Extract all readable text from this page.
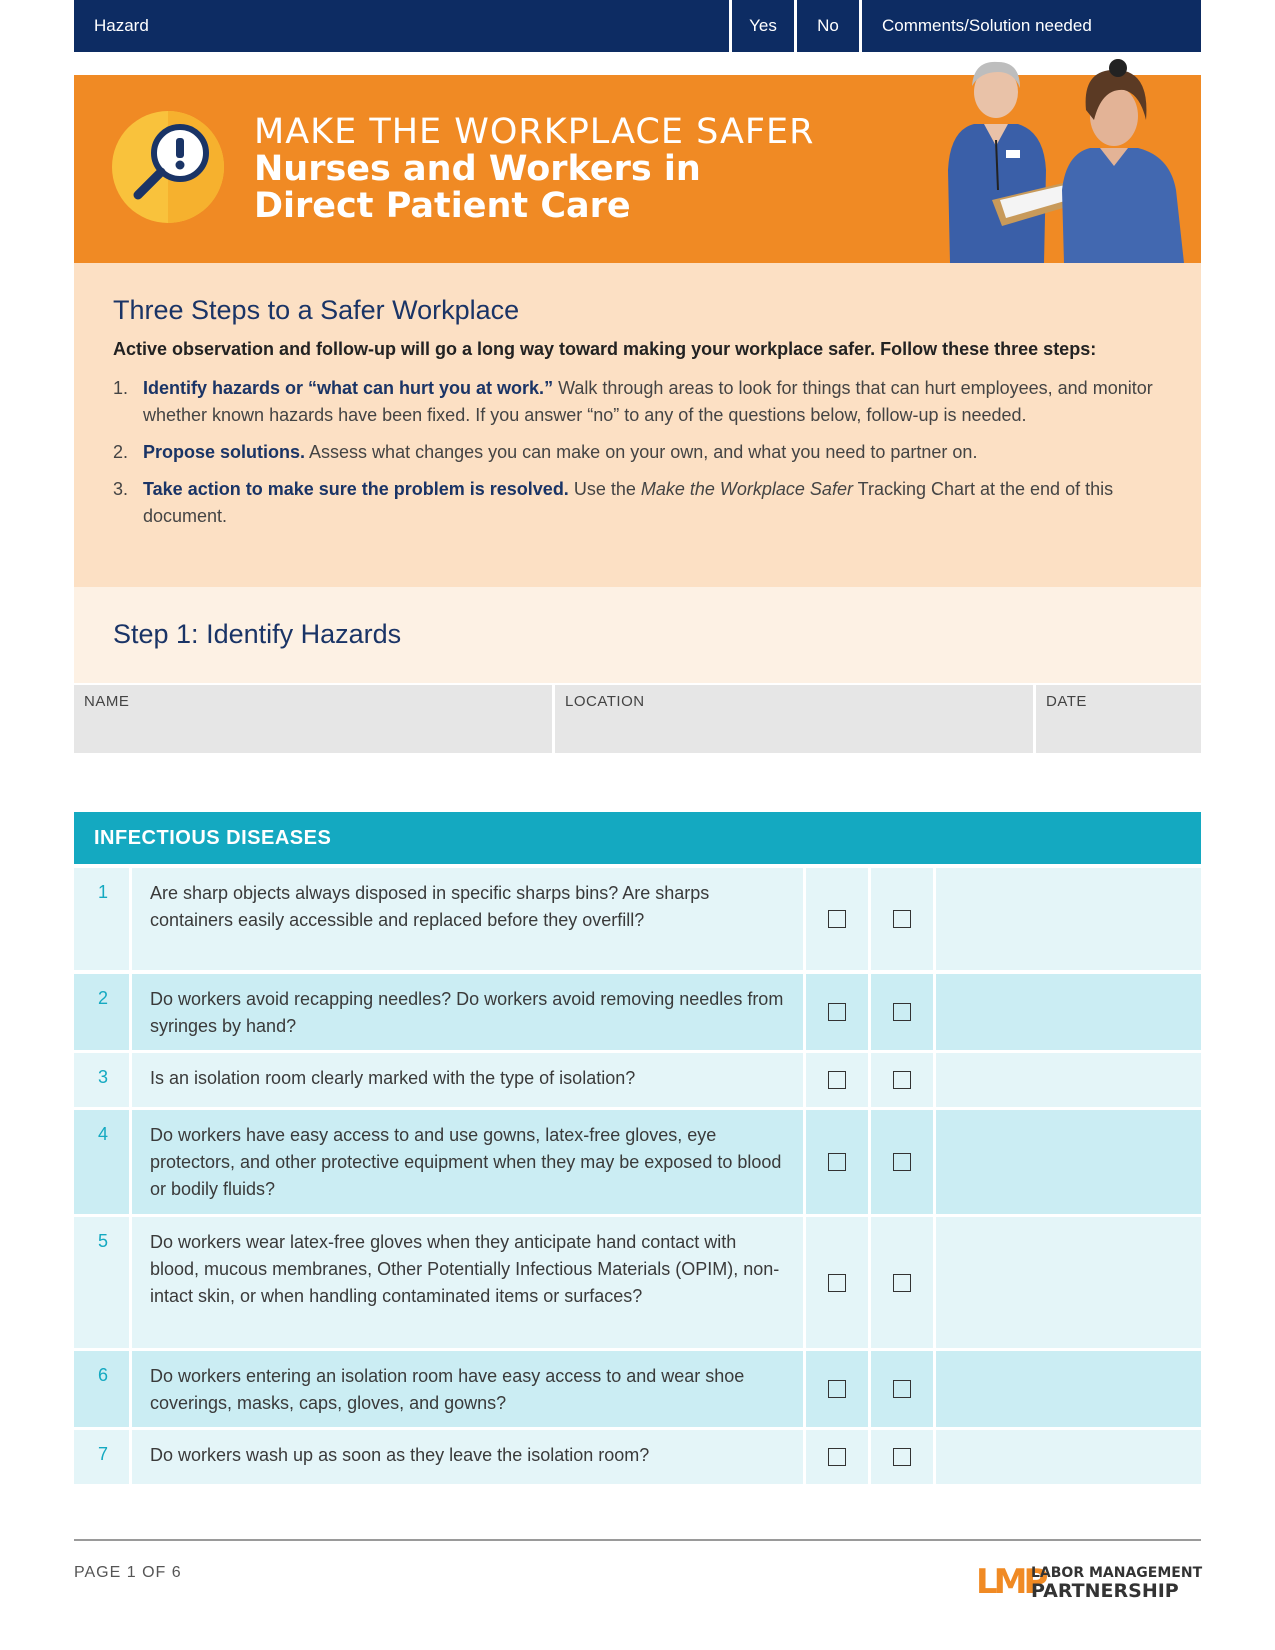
MAKE THE WORKPLACE SAFER
Nurses and Workers in
Direct Patient Care
Three Steps to a Safer Workplace
Active observation and follow-up will go a long way toward making your workplace safer. Follow these three steps:
1. Identify hazards or “what can hurt you at work.” Walk through areas to look for things that can hurt employees, and monitor whether known hazards have been fixed. If you answer “no” to any of the questions below, follow-up is needed.
2. Propose solutions. Assess what changes you can make on your own, and what you need to partner on.
3. Take action to make sure the problem is resolved. Use the Make the Workplace Safer Tracking Chart at the end of this document.
Step 1: Identify Hazards
NAME	LOCATION	DATE
Hazard	Yes	No	Comments/Solution needed
INFECTIOUS DISEASES
1	Are sharp objects always disposed in specific sharps bins? Are sharps containers easily accessible and replaced before they overfill?
2	Do workers avoid recapping needles? Do workers avoid removing needles from syringes by hand?
3	Is an isolation room clearly marked with the type of isolation?
4	Do workers have easy access to and use gowns, latex-free gloves, eye protectors, and other protective equipment when they may be exposed to blood or bodily fluids?
5	Do workers wear latex-free gloves when they anticipate hand contact with blood, mucous membranes, Other Potentially Infectious Materials (OPIM), non-intact skin, or when handling contaminated items or surfaces?
6	Do workers entering an isolation room have easy access to and wear shoe coverings, masks, caps, gloves, and gowns?
7	Do workers wash up as soon as they leave the isolation room?
PAGE 1 OF 6	LMP
LABOR MANAGEMENT
PARTNERSHIP
